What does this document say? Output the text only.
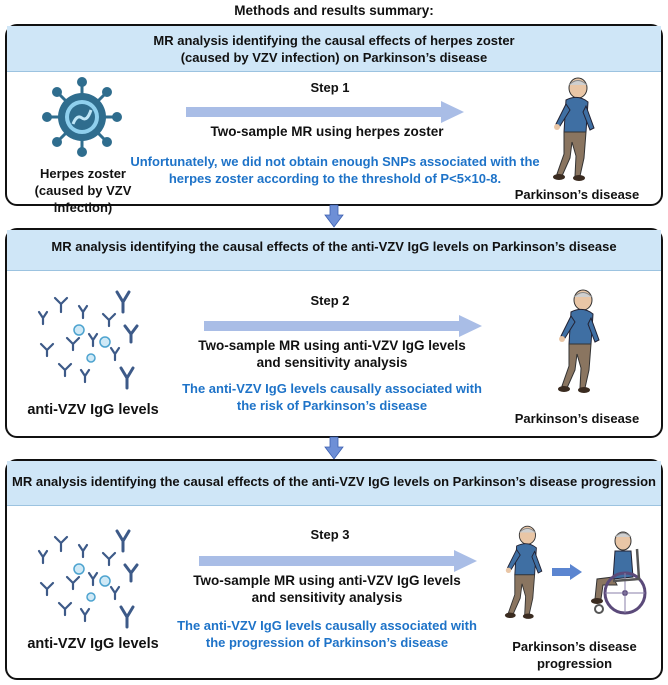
Methods and results summary:
MR analysis identifying the causal effects of herpes zoster
(caused by VZV infection) on Parkinson’s disease
Herpes zoster
(caused by VZV infection)
Step 1
Two-sample MR using herpes zoster
Unfortunately, we did not obtain enough SNPs associated with the
herpes zoster according to the threshold of P<5×10-8.
Parkinson’s disease
MR analysis identifying the causal effects of the anti-VZV IgG levels on Parkinson’s disease
anti-VZV IgG levels
Step 2
Two-sample MR using anti-VZV IgG levels
and sensitivity analysis
The anti-VZV IgG levels causally associated with
the risk of Parkinson’s disease
Parkinson’s disease
MR analysis identifying the causal effects of the anti-VZV IgG levels on Parkinson’s disease progression
anti-VZV IgG levels
Step 3
Two-sample MR using anti-VZV IgG levels
and sensitivity analysis
The anti-VZV IgG levels causally associated with
the progression of Parkinson’s disease	Parkinson’s disease
progression
